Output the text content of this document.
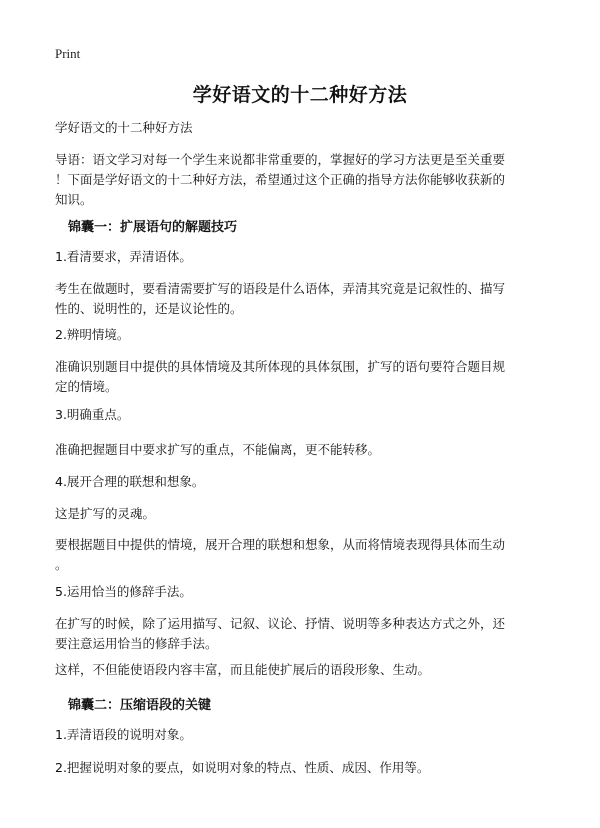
Print
学好语文的十二种好方法
学好语文的十二种好方法
导语：语文学习对每一个学生来说都非常重要的，掌握好的学习方法更是至关重要
！下面是学好语文的十二种好方法，希望通过这个正确的指导方法你能够收获新的
知识。
锦囊一：扩展语句的解题技巧
1.看清要求，弄清语体。
考生在做题时，要看清需要扩写的语段是什么语体，弄清其究竟是记叙性的、描写
性的、说明性的，还是议论性的。
2.辨明情境。
准确识别题目中提供的具体情境及其所体现的具体氛围，扩写的语句要符合题目规
定的情境。
3.明确重点。
准确把握题目中要求扩写的重点，不能偏离，更不能转移。
4.展开合理的联想和想象。
这是扩写的灵魂。
要根据题目中提供的情境，展开合理的联想和想象，从而将情境表现得具体而生动
。
5.运用恰当的修辞手法。
在扩写的时候，除了运用描写、记叙、议论、抒情、说明等多种表达方式之外，还
要注意运用恰当的修辞手法。
这样，不但能使语段内容丰富，而且能使扩展后的语段形象、生动。
锦囊二：压缩语段的关键
1.弄清语段的说明对象。
2.把握说明对象的要点，如说明对象的特点、性质、成因、作用等。
